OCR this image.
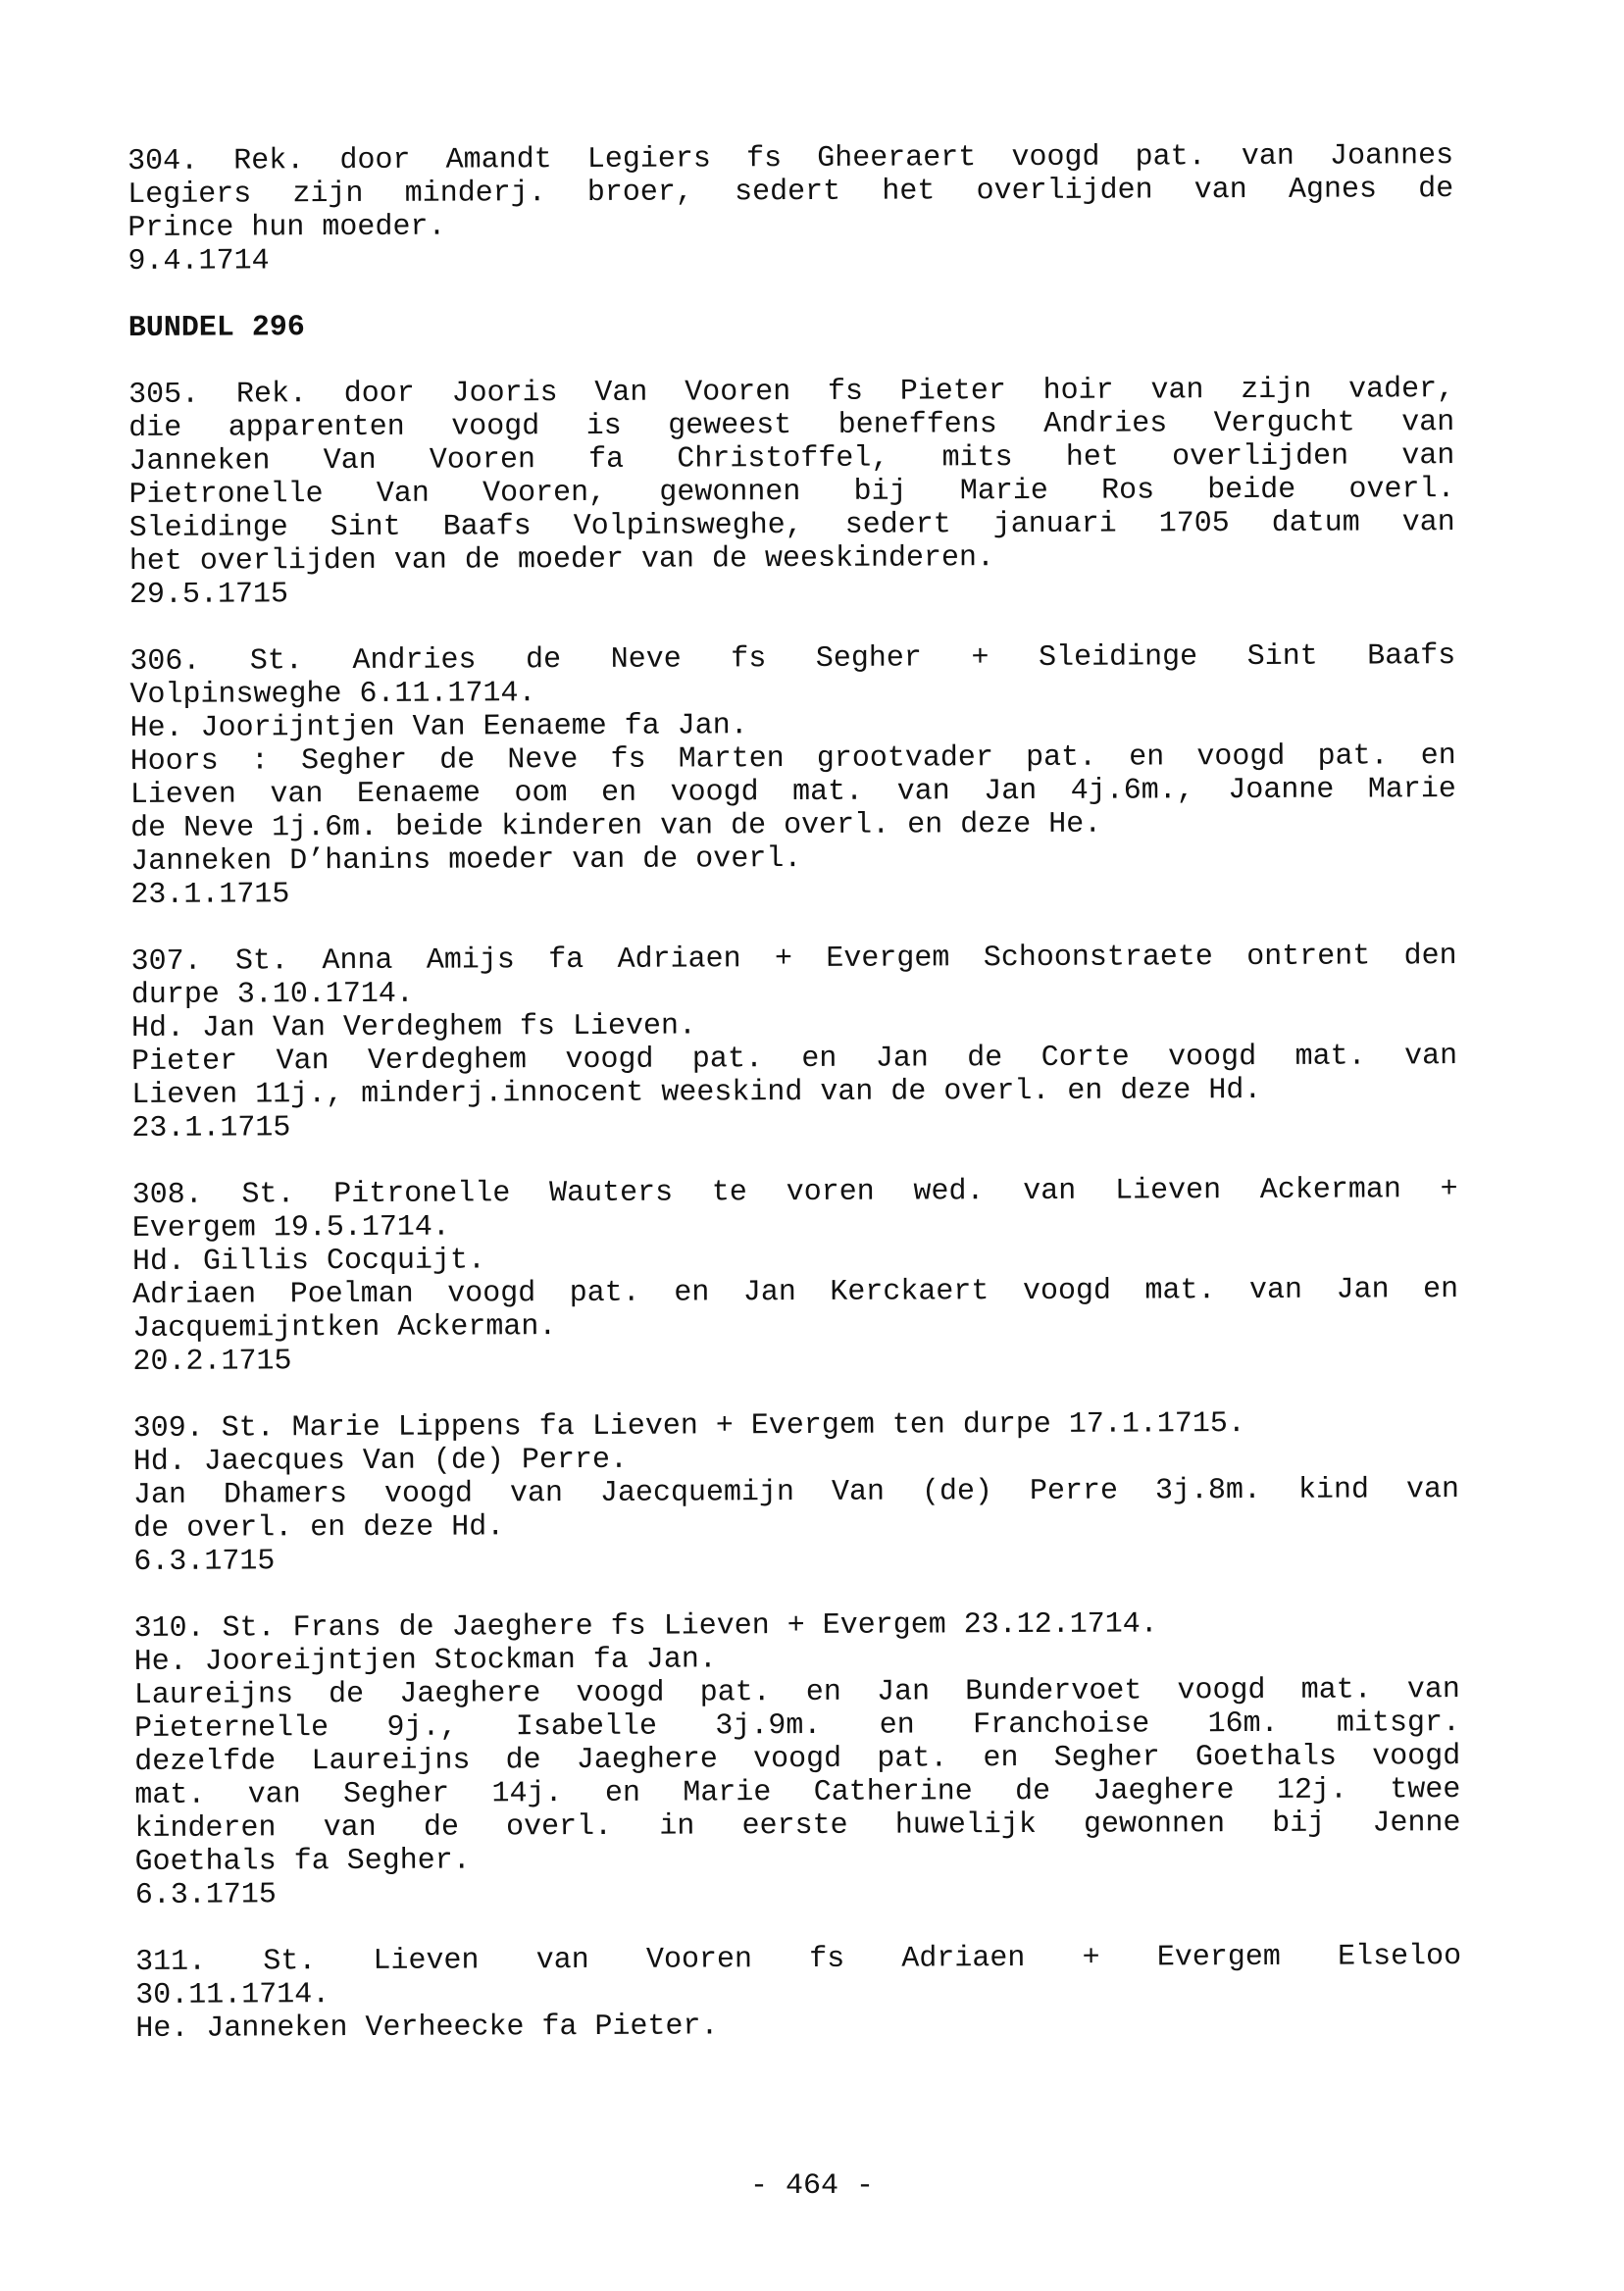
304. Rek. door Amandt Legiers fs Gheeraert voogd pat. van Joannes
Legiers zijn minderj. broer, sedert het overlijden van Agnes de
Prince hun moeder.
9.4.1714
BUNDEL 296
305. Rek. door Jooris Van Vooren fs Pieter hoir van zijn vader,
die apparenten voogd is geweest beneffens Andries Vergucht van
Janneken Van Vooren fa Christoffel, mits het overlijden van
Pietronelle Van Vooren, gewonnen bij Marie Ros beide overl.
Sleidinge Sint Baafs Volpinsweghe, sedert januari 1705 datum van
het overlijden van de moeder van de weeskinderen.
29.5.1715
306. St. Andries de Neve fs Segher + Sleidinge Sint Baafs
Volpinsweghe 6.11.1714.
He. Joorijntjen Van Eenaeme fa Jan.
Hoors : Segher de Neve fs Marten grootvader pat. en voogd pat. en
Lieven van Eenaeme oom en voogd mat. van Jan 4j.6m., Joanne Marie
de Neve 1j.6m. beide kinderen van de overl. en deze He.
Janneken D’hanins moeder van de overl.
23.1.1715
307. St. Anna Amijs fa Adriaen + Evergem Schoonstraete ontrent den
durpe 3.10.1714.
Hd. Jan Van Verdeghem fs Lieven.
Pieter Van Verdeghem voogd pat. en Jan de Corte voogd mat. van
Lieven 11j., minderj.innocent weeskind van de overl. en deze Hd.
23.1.1715
308. St. Pitronelle Wauters te voren wed. van Lieven Ackerman +
Evergem 19.5.1714.
Hd. Gillis Cocquijt.
Adriaen Poelman voogd pat. en Jan Kerckaert voogd mat. van Jan en
Jacquemijntken Ackerman.
20.2.1715
309. St. Marie Lippens fa Lieven + Evergem ten durpe 17.1.1715.
Hd. Jaecques Van (de) Perre.
Jan Dhamers voogd van Jaecquemijn Van (de) Perre 3j.8m. kind van
de overl. en deze Hd.
6.3.1715
310. St. Frans de Jaeghere fs Lieven + Evergem 23.12.1714.
He. Jooreijntjen Stockman fa Jan.
Laureijns de Jaeghere voogd pat. en Jan Bundervoet voogd mat. van
Pieternelle 9j., Isabelle 3j.9m. en Franchoise 16m. mitsgr.
dezelfde Laureijns de Jaeghere voogd pat. en Segher Goethals voogd
mat. van Segher 14j. en Marie Catherine de Jaeghere 12j. twee
kinderen van de overl. in eerste huwelijk gewonnen bij Jenne
Goethals fa Segher.
6.3.1715
311. St. Lieven van Vooren fs Adriaen + Evergem Elseloo
30.11.1714.
He. Janneken Verheecke fa Pieter.
- 464 -
